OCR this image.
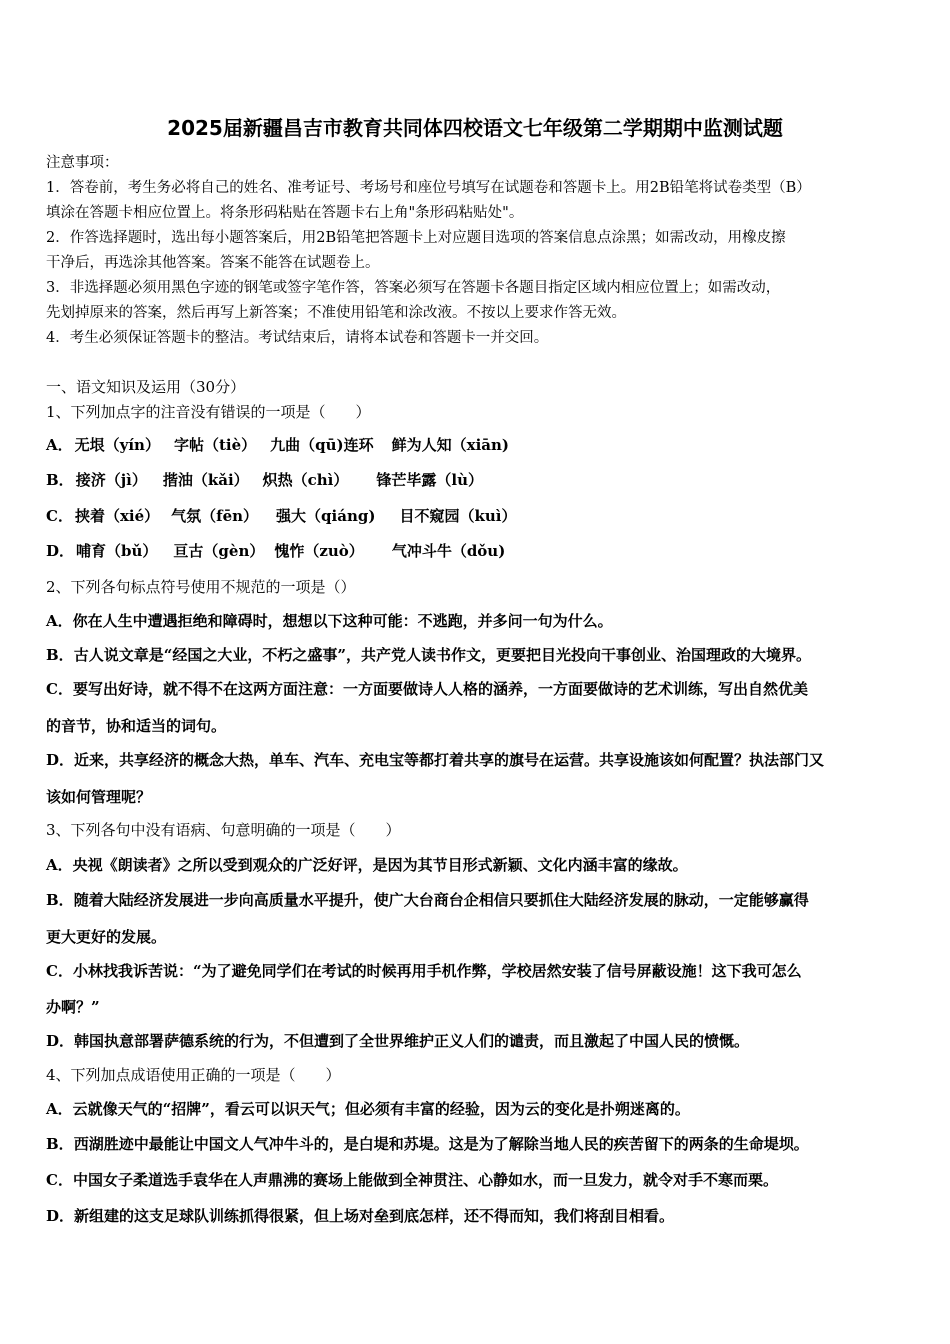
2025届新疆昌吉市教育共同体四校语文七年级第二学期期中监测试题
注意事项：
1．答卷前，考生务必将自己的姓名、准考证号、考场号和座位号填写在试题卷和答题卡上。用2B铅笔将试卷类型（B）
填涂在答题卡相应位置上。将条形码粘贴在答题卡右上角"条形码粘贴处"。
2．作答选择题时，选出每小题答案后，用2B铅笔把答题卡上对应题目选项的答案信息点涂黑；如需改动，用橡皮擦
干净后，再选涂其他答案。答案不能答在试题卷上。
3．非选择题必须用黑色字迹的钢笔或签字笔作答，答案必须写在答题卡各题目指定区域内相应位置上；如需改动，
先划掉原来的答案，然后再写上新答案；不准使用铅笔和涂改液。不按以上要求作答无效。
4．考生必须保证答题卡的整洁。考试结束后，请将本试卷和答题卡一并交回。
一、语文知识及运用（30分）
1、下列加点字的注音没有错误的一项是（　　）
A． 无垠（yín） 字帖（tiè） 九曲（qū)连环 鲜为人知（xiān)
B． 接济（jì） 揩油（kǎi） 炽热（chì） 锋芒毕露（lù）
C． 挟着（xié） 气氛（fēn） 强大（qiáng) 目不窥园（kuì）
D． 哺育（bǔ） 亘古（gèn） 愧怍（zuò） 气冲斗牛（dǒu)
2、下列各句标点符号使用不规范的一项是（）
A．你在人生中遭遇拒绝和障碍时，想想以下这种可能：不逃跑，并多问一句为什么。
B．古人说文章是“经国之大业，不朽之盛事”，共产党人读书作文，更要把目光投向干事创业、治国理政的大境界。
C．要写出好诗，就不得不在这两方面注意：一方面要做诗人人格的涵养，一方面要做诗的艺术训练，写出自然优美
的音节，协和适当的词句。
D．近来，共享经济的概念大热，单车、汽车、充电宝等都打着共享的旗号在运营。共享设施该如何配置？执法部门又
该如何管理呢？
3、下列各句中没有语病、句意明确的一项是（　　）
A．央视《朗读者》之所以受到观众的广泛好评，是因为其节目形式新颖、文化内涵丰富的缘故。
B．随着大陆经济发展进一步向高质量水平提升，使广大台商台企相信只要抓住大陆经济发展的脉动，一定能够赢得
更大更好的发展。
C．小林找我诉苦说：“为了避免同学们在考试的时候再用手机作弊，学校居然安装了信号屏蔽设施！这下我可怎么
办啊？”
D．韩国执意部署萨德系统的行为，不但遭到了全世界维护正义人们的谴责，而且激起了中国人民的愤慨。
4、下列加点成语使用正确的一项是（　　）
A．云就像天气的“招牌”，看云可以识天气；但必须有丰富的经验，因为云的变化是扑朔迷离的。
B．西湖胜迹中最能让中国文人气冲牛斗的，是白堤和苏堤。这是为了解除当地人民的疾苦留下的两条的生命堤坝。
C．中国女子柔道选手袁华在人声鼎沸的赛场上能做到全神贯注、心静如水，而一旦发力，就令对手不寒而栗。
D．新组建的这支足球队训练抓得很紧，但上场对垒到底怎样，还不得而知，我们将刮目相看。
